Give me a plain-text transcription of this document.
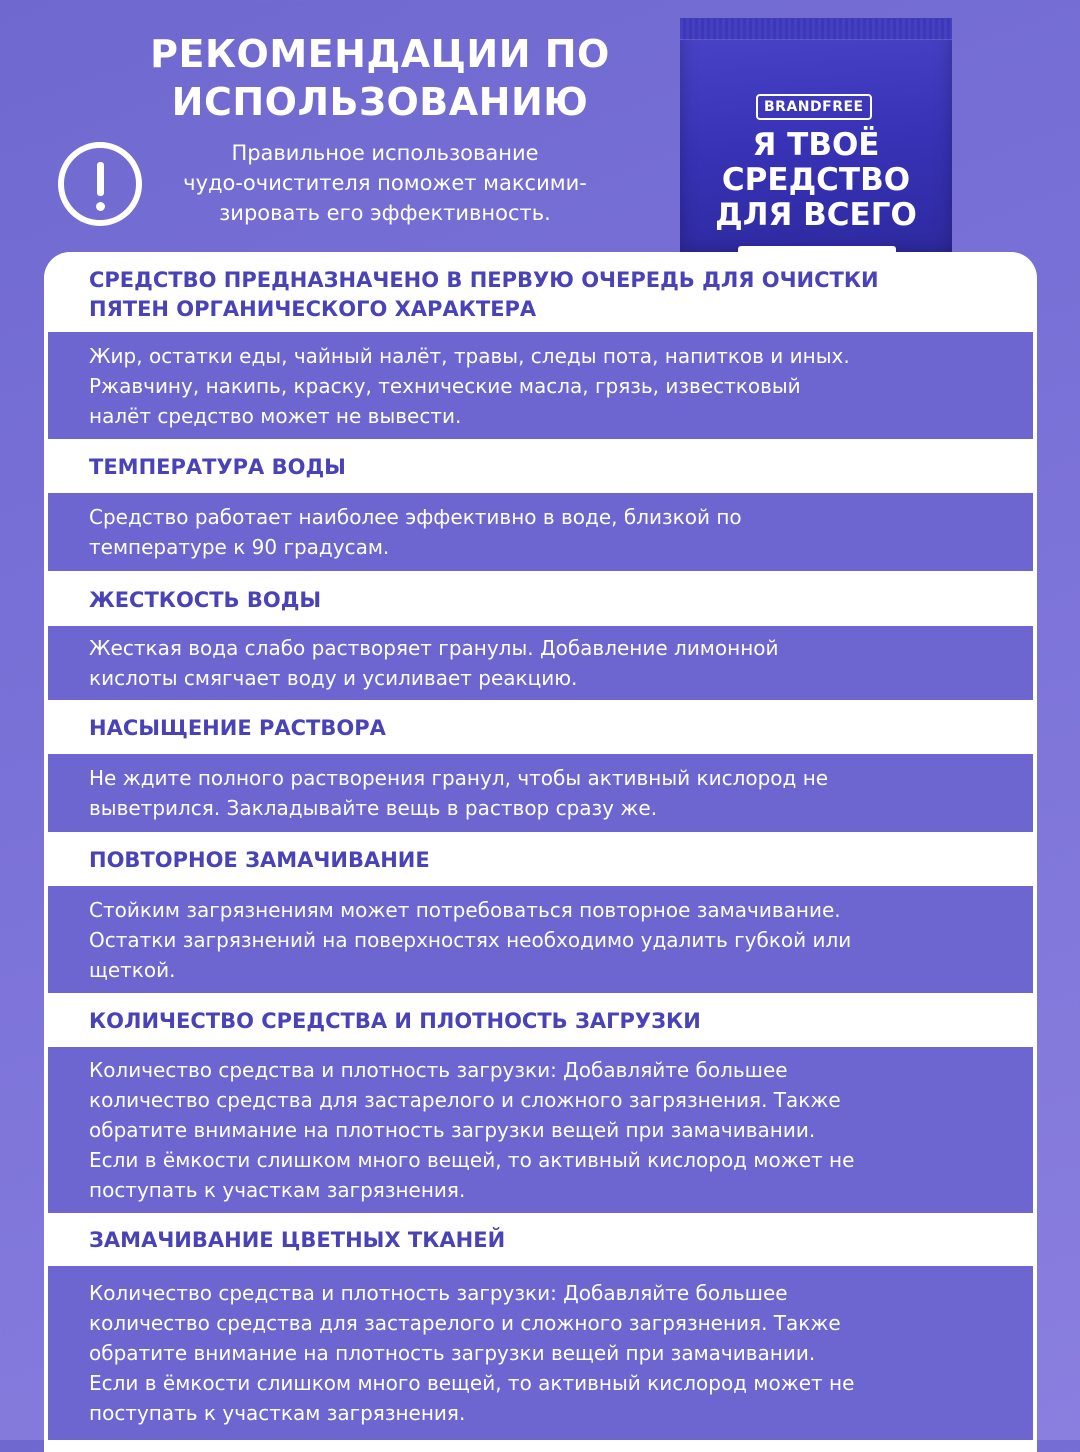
РЕКОМЕНДАЦИИ ПО
ИСПОЛЬЗОВАНИЮ
Правильное использование
чудо-очистителя поможет максими-
зировать его эффективность.
BRANDFREE
Я ТВОЁ
СРЕДСТВО
ДЛЯ ВСЕГО
СРЕДСТВО ПРЕДНАЗНАЧЕНО В ПЕРВУЮ ОЧЕРЕДЬ ДЛЯ ОЧИСТКИ
ПЯТЕН ОРГАНИЧЕСКОГО ХАРАКТЕРА
Жир, остатки еды, чайный налёт, травы, следы пота, напитков и иных.
Ржавчину, накипь, краску, технические масла, грязь, известковый
налёт средство может не вывести.
ТЕМПЕРАТУРА ВОДЫ
Средство работает наиболее эффективно в воде, близкой по
температуре к 90 градусам.
ЖЕСТКОСТЬ ВОДЫ
Жесткая вода слабо растворяет гранулы. Добавление лимонной
кислоты смягчает воду и усиливает реакцию.
НАСЫЩЕНИЕ РАСТВОРА
Не ждите полного растворения гранул, чтобы активный кислород не
выветрился. Закладывайте вещь в раствор сразу же.
ПОВТОРНОЕ ЗАМАЧИВАНИЕ
Стойким загрязнениям может потребоваться повторное замачивание.
Остатки загрязнений на поверхностях необходимо удалить губкой или
щеткой.
КОЛИЧЕСТВО СРЕДСТВА И ПЛОТНОСТЬ ЗАГРУЗКИ
Количество средства и плотность загрузки: Добавляйте большее
количество средства для застарелого и сложного загрязнения. Также
обратите внимание на плотность загрузки вещей при замачивании.
Если в ёмкости слишком много вещей, то активный кислород может не
поступать к участкам загрязнения.
ЗАМАЧИВАНИЕ ЦВЕТНЫХ ТКАНЕЙ
Количество средства и плотность загрузки: Добавляйте большее
количество средства для застарелого и сложного загрязнения. Также
обратите внимание на плотность загрузки вещей при замачивании.
Если в ёмкости слишком много вещей, то активный кислород может не
поступать к участкам загрязнения.
